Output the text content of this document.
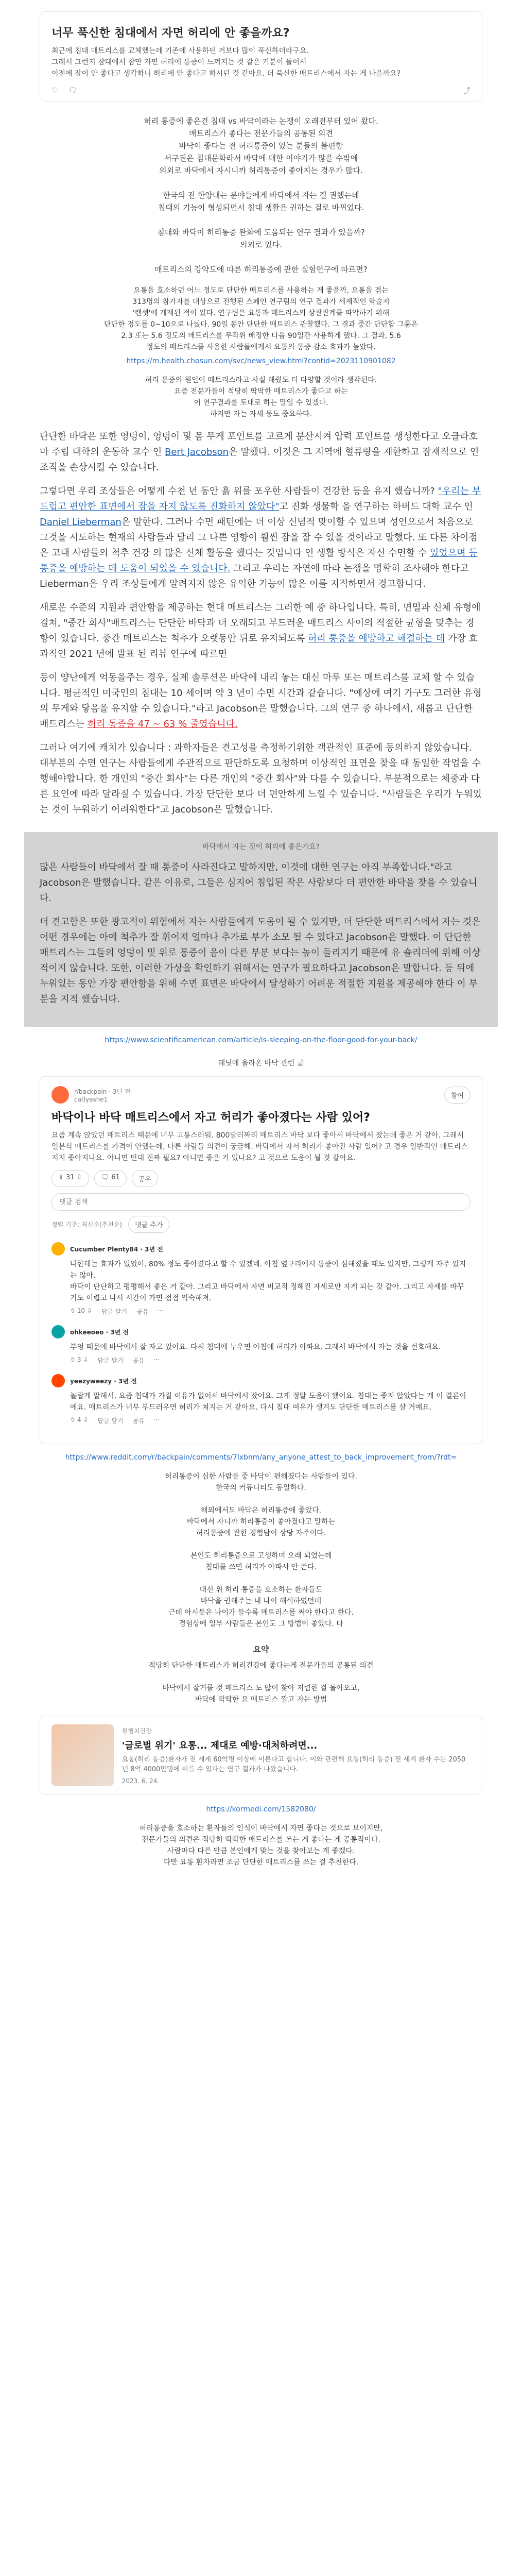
너무 푹신한 침대에서 자면 허리에 안 좋을까요?
최근에 침대 매트리스를 교체했는데 기존에 사용하던 거보다 많이 푹신하더라구요.
그래서 그런지 잠대에서 잠만 자면 허리에 통증이 느껴지는 것 같은 기분이 들어서
이전에 잠이 안 좋다고 생각하니 허리에 안 좋다고 하시던 것 같아요. 더 푹신한 매트리스에서 자는 게 나을까요?
♡ 🗨	⤴
허리 통증에 좋은건 침대 vs 바닥이라는 논쟁이 오래전부터 있어 왔다.
매트리스가 좋다는 전문가들의 공통된 의견
바닥이 좋다는 전 허리통증이 있는 분들의 불편함
서구권은 침대문화라서 바닥에 대한 이야기가 많을 수밖에
의외로 바닥에서 자시니까 허리통증이 좋아지는 경우가 많다.

한국의 전 한양대는 분야들에게 바닥에서 자는 걸 권했는데
침대의 기능이 형성되면서 침대 생활은 권하는 걸로 바뀌었다.

침대와 바닥이 허리통증 완화에 도움되는 연구 결과가 있을까?
의외로 있다.

매트리스의 강약도에 따른 허리통증에 관한 실험연구에 따르면?
요통을 호소하던 어느 정도로 단단한 매트리스를 사용하는 게 좋을까, 요통을 겪는
313명의 참가자를 대상으로 진행된 스페인 연구팀의 연구 결과가 세계적인 학술지
'랜셋'에 게재된 적이 있다. 연구팀은 요통과 매트리스의 상관관계를 파악하기 위해
단단한 정도를 0~10으로 나눴다. 90일 동안 단단한 매트리스 관찰했다. 그 결과 중간 단단함 그룹은
2.3 또는 5.6 정도의 매트리스를 무작위 배정한 다음 90일간 사용하게 했다. 그 결과, 5.6
정도의 매트리스를 사용한 사람들에게서 요통의 통증 감소 효과가 높았다.
https://m.health.chosun.com/svc/news_view.html?contid=2023110901082
허리 통증의 원인이 매트리스라고 사실 해줬도 더 다양할 것이라 생각된다.
요즘 전문가들이 적당히 딱딱한 매트리스가 좋다고 하는
이 연구결과를 토대로 하는 말일 수 있겠다.
하지만 자는 자세 등도 중요하다.
단단한 바닥은 또한 엉덩이, 엉덩이 및 몸 무게 포인트를 고르게 분산시켜 압력 포인트를 생성한다고 오클라호마 주립 대학의 운동학 교수 인 Bert Jacobson은 말했다. 이것은 그 지역에 혈류량을 제한하고 잠재적으로 연조직을 손상시킬 수 있습니다.
그렇다면 우리 조상들은 어떻게 수천 년 동안 흙 위를 포우한 사람들이 건강한 등을 유지 했습니까? "우리는 부드럽고 편안한 표면에서 잠을 자지 않도록 진화하지 않았다"고 진화 생물학 을 연구하는 하버드 대학 교수 인 Daniel Lieberman은 말한다. 그러나 수면 패턴에는 더 이상 신념적 맞이할 수 있으며 성인으로서 처음으로 그것을 시도하는 현재의 사람들과 달리 그 나쁜 영향이 훨씬 잠을 잘 수 있을 것이라고 말했다. 또 다른 차이점은 고대 사람들의 척추 건강 의 많은 신체 활동을 했다는 것입니다 인 생활 방식은 자신 수면할 수 있었으며 등 통증을 예방하는 데 도움이 되었을 수 있습니다. 그리고 우리는 자연에 따라 논쟁을 명확히 조사해야 한다고 Lieberman은 우리 조상들에게 알려지지 않은 유익한 기능이 많은 이를 지적하면서 경고합니다.
새로운 수준의 지원과 편안함을 제공하는 현대 매트리스는 그러한 예 중 하나입니다. 특히, 면밀과 신체 유형에 걸쳐, "중간 회사"매트리스는 단단한 바닥과 더 오래되고 부드러운 매트리스 사이의 적절한 균형을 맞추는 경향이 있습니다. 중간 매트리스는 척추가 오랫동안 뒤로 유지되도록 허리 통증을 예방하고 해결하는 데 가장 효과적인 2021 년에 발표 된 리뷰 연구에 따르면
등이 양난에게 억동을주는 경우, 실제 솔루션은 바닥에 내리 놓는 대신 마루 또는 매트리스를 교체 할 수 있습니다. 평균적인 미국인의 침대는 10 세이며 약 3 년이 수면 시간과 같습니다. "예상에 여기 가구도 그러한 유형의 무게와 닿음을 유지할 수 있습니다."라고 Jacobson은 말했습니다. 그의 연구 중 하나에서, 새롭고 단단한 매트리스는 허리 통증을 47 ~ 63 % 줄였습니다.
그러나 여기에 캐치가 있습니다 : 과학자들은 견고성을 측정하기위한 객관적인 표준에 동의하지 않았습니다. 대부분의 수면 연구는 사람들에게 주관적으로 판단하도록 요청하며 이상적인 표면을 찾을 때 동일한 작업을 수행해야합니다. 한 개인의 "중간 회사"는 다른 개인의 "중간 회사"와 다를 수 있습니다. 부분적으로는 체중과 다른 요인에 따라 달라질 수 있습니다. 가장 단단한 보다 더 편안하게 느낄 수 있습니다. "사람들은 우리가 누워있는 것이 누워하기 어려워한다"고 Jacobson은 말했습니다.
바닥에서 자는 것이 허리에 좋은가요?
많은 사람들이 바닥에서 잘 때 통증이 사라진다고 말하지만, 이것에 대한 연구는 아직 부족합니다."라고 Jacobson은 말했습니다. 같은 이유로, 그들은 심지어 침입된 작은 사람보다 더 편안한 바닥을 찾을 수 있습니다.
더 견고함은 또한 광고적이 위험에서 자는 사람들에게 도움이 될 수 있지만, 더 단단한 매트리스에서 자는 것은 어떤 경우에는 아예 척추가 잘 휘어져 얼마나 추가로 부가 소모 될 수 있다고 Jacobson은 말했다. 이 단단한 매트리스는 그들의 엉덩이 및 위로 통증이 음이 다른 부분 보다는 높이 들리지기 때문에 유 숄리더에 위해 이상적이지 않습니다. 또한, 이러한 가상을 확인하기 위해서는 연구가 필요하다고 Jacobson은 말합니다. 등 뒤에 누워있는 동안 가장 편안함을 위해 수면 표면은 바닥에서 달성하기 어려운 적절한 지원을 제공해야 한다 이 부분을 지적 했습니다.
https://www.scientificamerican.com/article/is-sleeping-on-the-floor-good-for-your-back/
레딧에 올라온 바닥 관련 글
r/backpain · 3년 전
catlyashe1	참여
바닥이나 바닥 매트리스에서 자고 허리가 좋아졌다는 사람 있어?
요즘 계속 앉았던 매트리스 때문에 너무 고통스러워. 800달러짜리 매트리스 바닥 보다 좋아서 바닥에서 잤는데 좋은 거 같아. 그래서 일본식 매트리스를 가격이 안했는데, 다른 사람들 의견이 궁금해. 바닥에서 자서 허리가 좋아진 사람 있어? 고 경우 일반적인 매트리스 지지 좋아지나요. 아니면 빈대 진짜 필요? 아니면 좋은 거 있나요? 고 것으로 도움이 될 것 같아요.
⇧ 31 ⇩	🗨 61	공유
댓글 검색
정렬 기준: 최신순(추천순)	댓글 추가
Cucumber Plenty84 · 3년 전
나한테는 효과가 있었어. 80% 정도 좋아졌다고 할 수 있겠네. 아침 옆구리에서 통증이 심해졌을 때도 있지만, 그렇게 자주 있지는 않아.
바닥이 단단하고 평평해서 좋은 거 같아. 그리고 바닥에서 자면 비교적 정해진 자세로만 자게 되는 것 같아. 그리고 자세를 바꾸기도 어렵고 나서 시간이 가면 점점 익숙해져.
⇧ 10 ⇩ 답글 달기 공유 ···
ohkeeoeo · 3년 전
부엉 때문에 바닥에서 잘 자고 있어요. 다시 침대에 누우면 아침에 허리가 아파요. 그래서 바닥에서 자는 것을 선호해요.
⇧ 3 ⇩ 답글 달기 공유 ···
yeezyweezy · 3년 전
놀랍게 말해서, 요즘 침대가 가질 여유가 없어서 바닥에서 잤어요. 그게 정말 도움이 됐어요. 침대는 좋지 않았다는 게 이 결론이에요. 매트리스가 너무 부드러우면 허리가 쳐지는 거 같아요. 다시 침대 여유가 생겨도 단단한 매트리스를 살 거예요.
⇧ 4 ⇩ 답글 달기 공유 ···
https://www.reddit.com/r/backpain/comments/7lxbnm/any_anyone_attest_to_back_improvement_from/?rdt=
허리통증이 심한 사람들 중 바닥이 편해졌다는 사람들이 있다.
한국의 커뮤니티도 동일하다.

해외에서도 바닥은 허리통증에 좋았다.
바닥에서 자니까 허리통증이 좋아졌다고 말하는
허리통증에 관한 경험담이 상당 자주이다.

본인도 허리통증으로 고생하며 오래 되었는데
침대를 쓰면 허리가 아파서 안 쓴다.

대신 위 허리 통증을 호소하는 환자들도
바닥을 권해주는 내 나이 해석하였던데
근데 아시듯은 나이가 들수록 매트리스를 써야 한다고 한다.
경험상에 일부 사람들은 본인도 그 방법이 좋았다. 다
요약
적당히 단단한 매트리스가 허리건강에 좋다는게 전문가들의 공통된 의견

바닥에서 잘거를 것 매트리스 도 많이 찾아 저렴한 걸 돌아오고,
바닥에 딱딱한 요 매트리스 깔고 자는 방법
원헬치건강
'글로벌 위기' 요통... 제대로 예방·대처하려면...
요통(허리 통증)환자가 전 세계 60억명 이상에 이른다고 합니다. 이와 관련해 요통(허리 통증) 전 세계 환자 수는 2050년 8억 4000만명에 이를 수 있다는 연구 결과가 나왔습니다.
2023. 6. 24.
https://kormedi.com/1582080/
허리통증을 호소하는 환자들의 인식이 바닥에서 자면 좋다는 것으로 보이지만,
전문가들의 의견은 적당히 딱딱한 매트리스를 쓰는 게 좋다는 게 공통적이다.
사람마다 다른 만큼 본인에게 맞는 것을 찾아보는 게 좋겠다.
다만 요통 환자라면 조금 단단한 매트리스를 쓰는 걸 추천한다.
